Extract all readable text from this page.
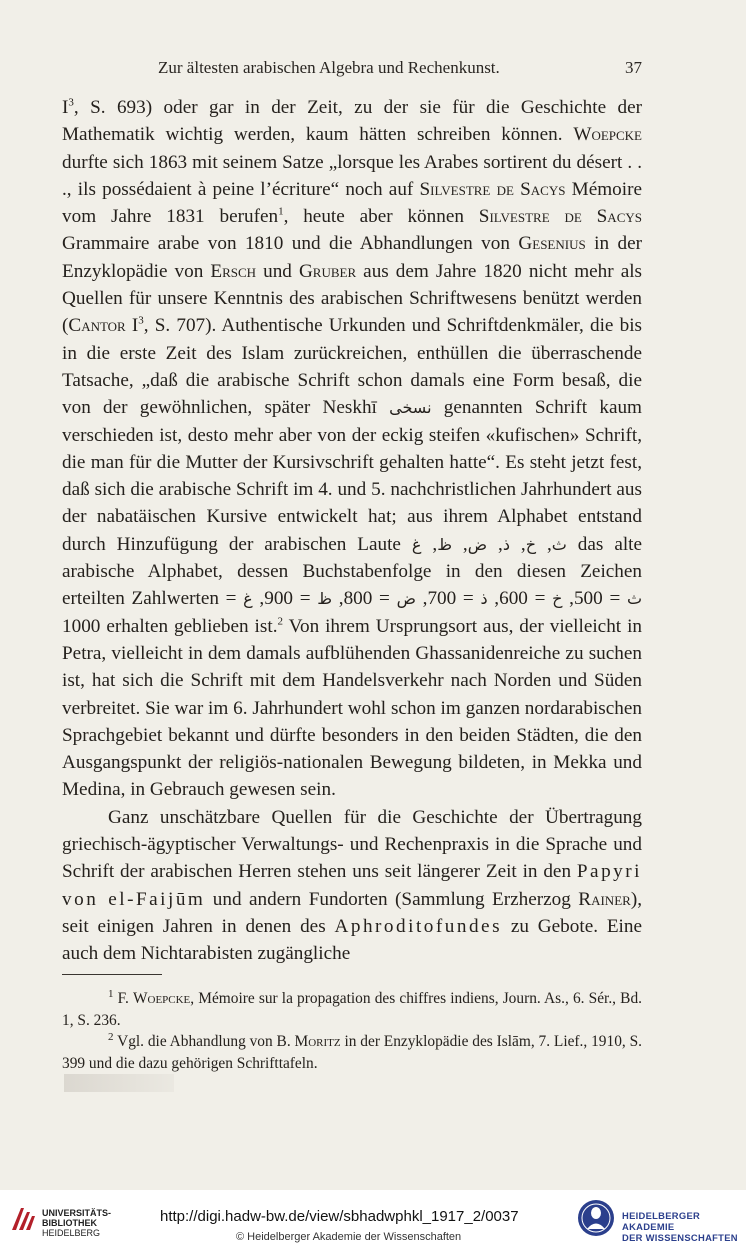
Zur ältesten arabischen Algebra und Rechenkunst.	37

$I^3$, S. 693) oder gar in der Zeit, zu der sie für die Geschichte der Mathematik wichtig werden, kaum hätten schreiben können. Woepcke durfte sich 1863 mit seinem Satze „lorsque les Arabes sortirent du désert . . ., ils possédaient à peine l’écriture“ noch auf Silvestre de Sacys Mémoire vom Jahre 1831 berufen$^1$, heute aber können Silvestre de Sacys Grammaire arabe von 1810 und die Abhandlungen von Gesenius in der Enzyklopädie von Ersch und Gruber aus dem Jahre 1820 nicht mehr als Quellen für unsere Kenntnis des arabischen Schriftwesens benützt werden (Cantor $I^3$, S. 707). Authentische Urkunden und Schriftdenkmäler, die bis in die erste Zeit des Islam zurückreichen, enthüllen die überraschende Tatsache, „daß die arabische Schrift schon damals eine Form besaß, die von der gewöhnlichen, später Neskhī نسخى genannten Schrift kaum verschieden ist, desto mehr aber von der eckig steifen «kufischen» Schrift, die man für die Mutter der Kursivschrift gehalten hatte“. Es steht jetzt fest, daß sich die arabische Schrift im 4. und 5. nachchristlichen Jahrhundert aus der nabatäischen Kursive entwickelt hat; aus ihrem Alphabet entstand durch Hinzufügung der arabischen Laute	ث, خ, ذ, ض, ظ, غ	das alte arabische Alphabet, dessen Buchstabenfolge in den diesen Zeichen erteilten Zahlwerten	ث = 500, خ = 600, ذ = 700, ض = 800, ظ = 900, غ = 1000 erhalten geblieben ist.$^2$ Von ihrem Ursprungsort aus, der vielleicht in Petra, vielleicht in dem damals aufblühenden Ghassanidenreiche zu suchen ist, hat sich die Schrift mit dem Handelsverkehr nach Norden und Süden verbreitet. Sie war im 6. Jahrhundert wohl schon im ganzen nordarabischen Sprachgebiet bekannt und dürfte besonders in den beiden Städten, die den Ausgangspunkt der religiös-nationalen Bewegung bildeten, in Mekka und Medina, in Gebrauch gewesen sein.

Ganz unschätzbare Quellen für die Geschichte der Übertragung griechisch-ägyptischer Verwaltungs- und Rechenpraxis in die Sprache und Schrift der arabischen Herren stehen uns seit längerer Zeit in den Papyri von el-Faijūm und andern Fundorten (Sammlung Erzherzog Rainer), seit einigen Jahren in denen des Aphroditofundes zu Gebote. Eine auch dem Nichtarabisten zugängliche

$^1$ F. Woepcke, Mémoire sur la propagation des chiffres indiens, Journ. As., 6. Sér., Bd. 1, S. 236.

$^2$ Vgl. die Abhandlung von B. Moritz in der Enzyklopädie des Islām, 7. Lief., 1910, S. 399 und die dazu gehörigen Schrifttafeln.

UNIVERSITÄTS-
BIBLIOTHEK
HEIDELBERG
http://digi.hadw-bw.de/view/sbhadwphkl_1917_2/0037
© Heidelberger Akademie der Wissenschaften
HEIDELBERGER AKADEMIE
DER WISSENSCHAFTEN
